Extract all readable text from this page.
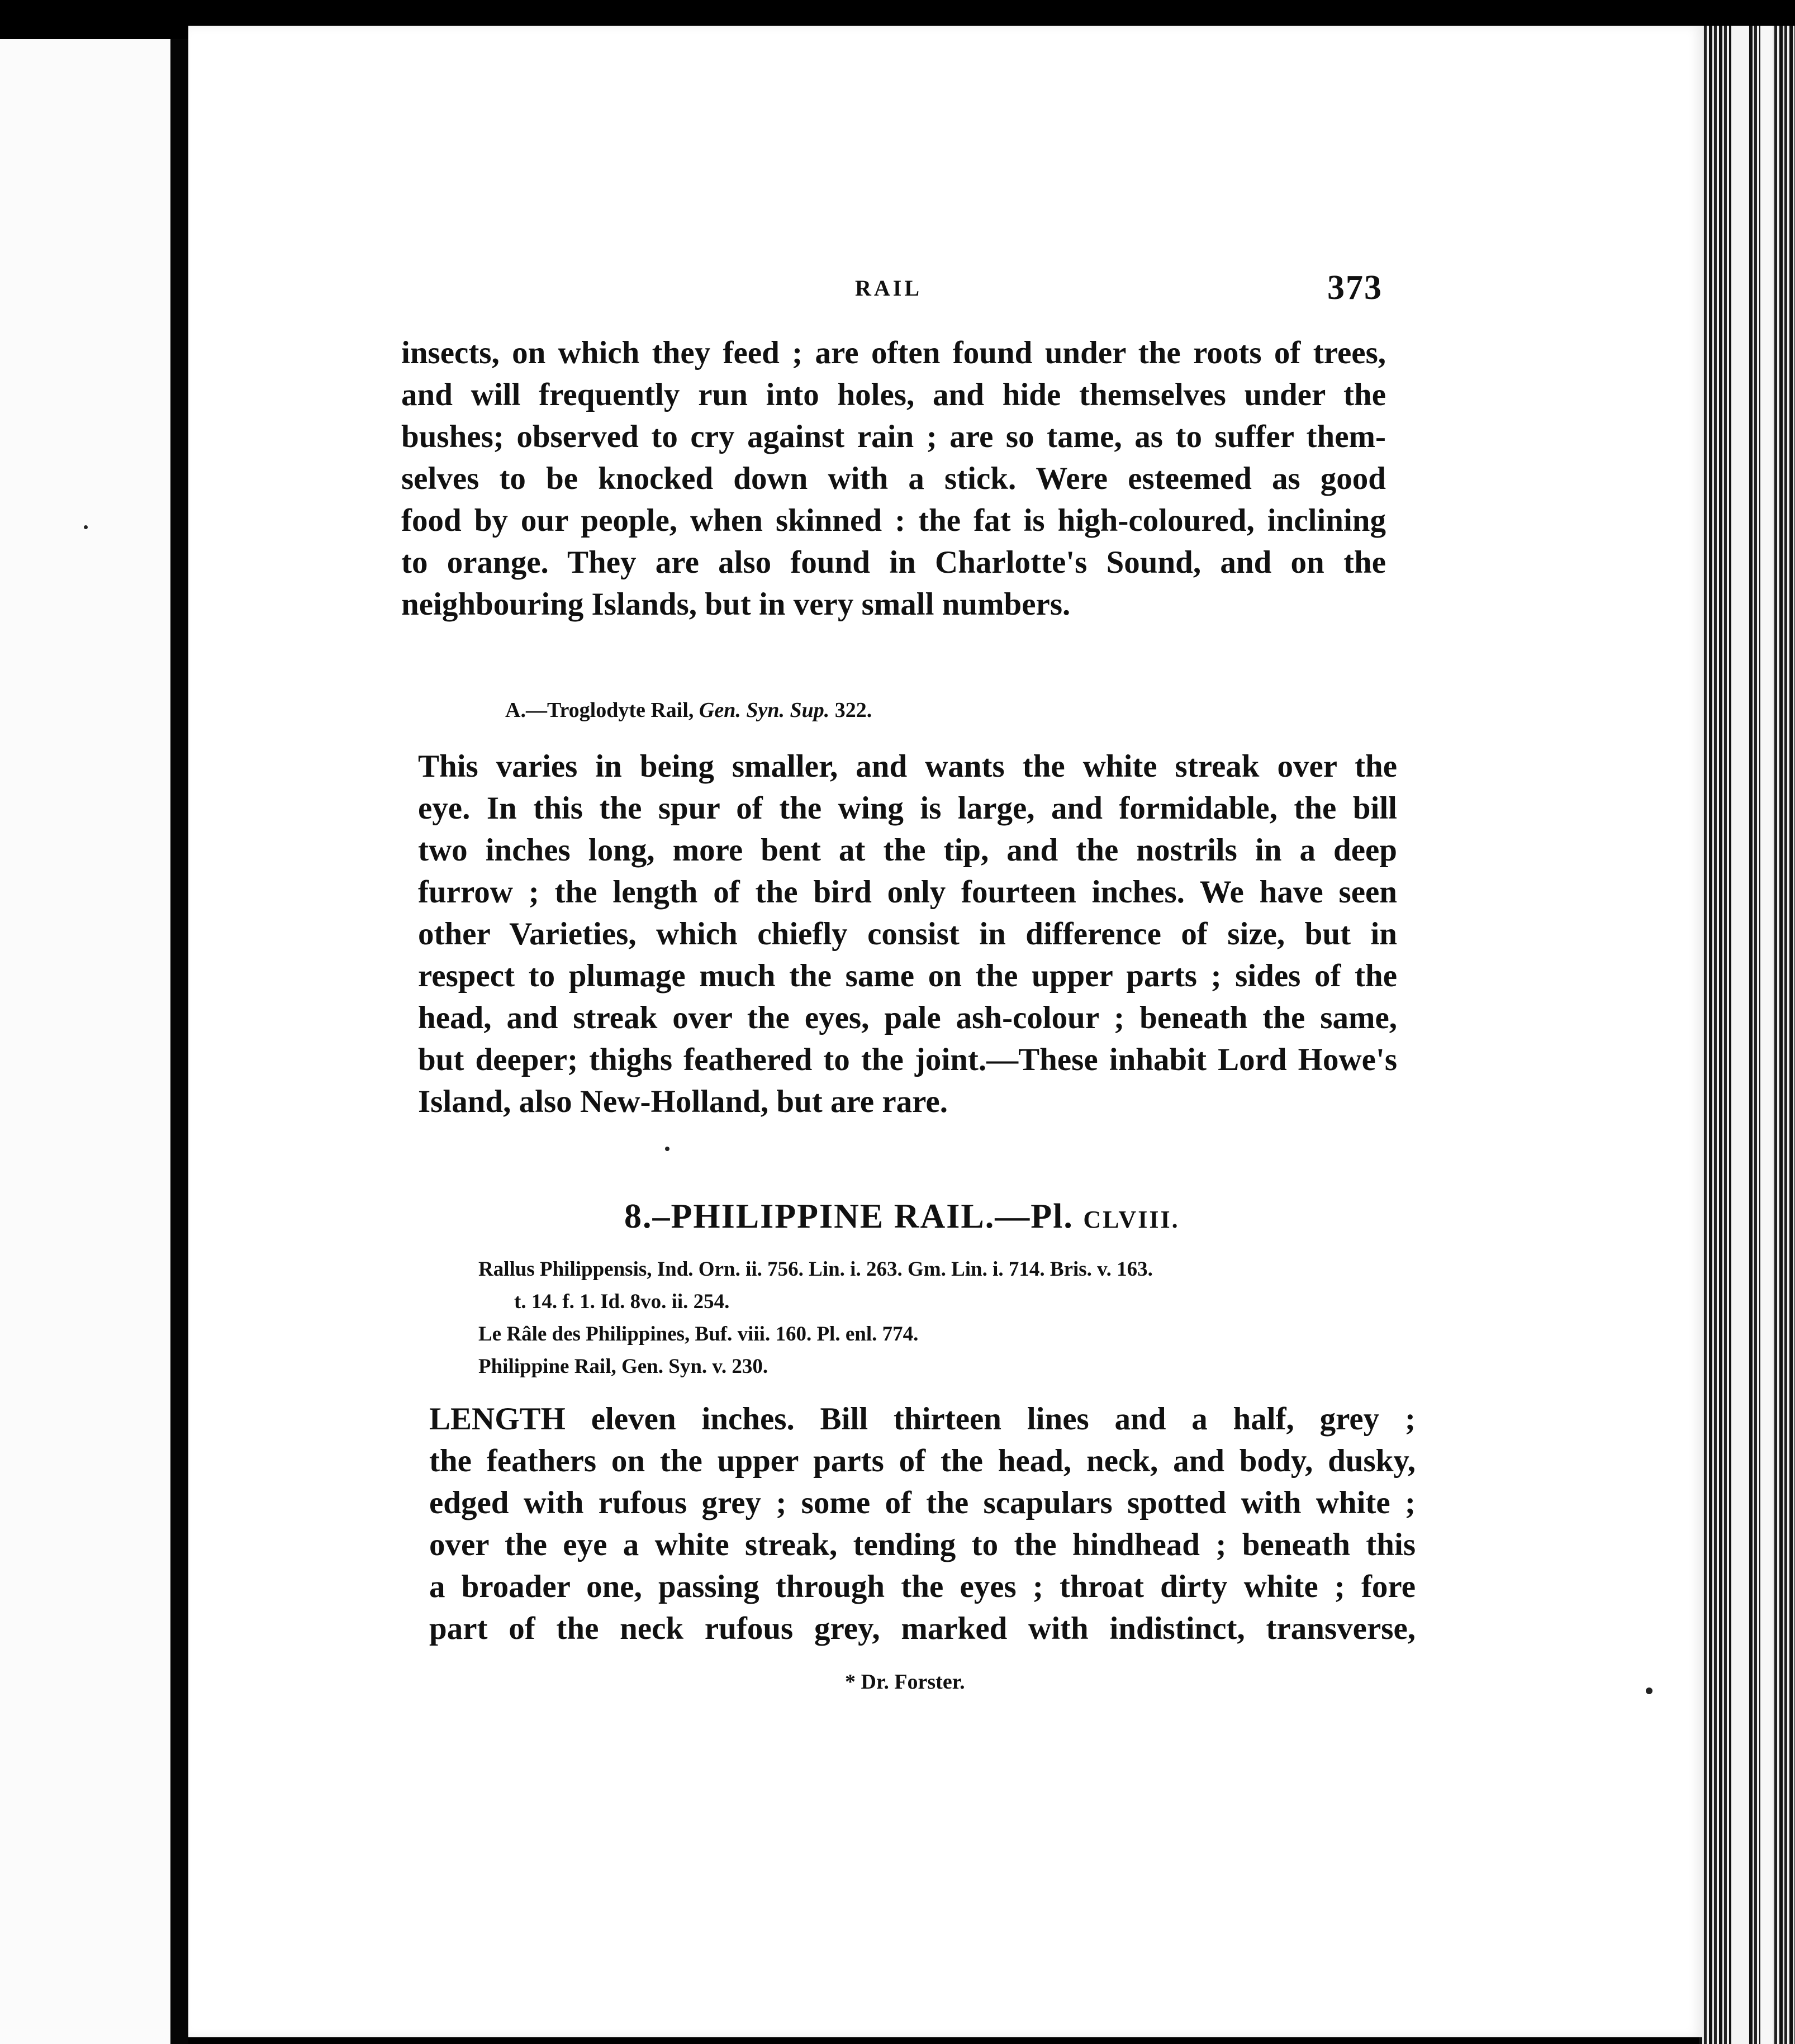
RAIL	373
insects, on which they feed ; are often found under the roots of trees,
and will frequently run into holes, and hide themselves under the
bushes; observed to cry against rain ; are so tame, as to suffer them-
selves to be knocked down with a stick. Were esteemed as good
food by our people, when skinned : the fat is high-coloured, inclining
to orange. They are also found in Charlotte's Sound, and on the
neighbouring Islands, but in very small numbers.
A.—Troglodyte Rail, Gen. Syn. Sup. 322.
This varies in being smaller, and wants the white streak over the
eye. In this the spur of the wing is large, and formidable, the bill
two inches long, more bent at the tip, and the nostrils in a deep
furrow ; the length of the bird only fourteen inches. We have seen
other Varieties, which chiefly consist in difference of size, but in
respect to plumage much the same on the upper parts ; sides of the
head, and streak over the eyes, pale ash-colour ; beneath the same,
but deeper; thighs feathered to the joint.—These inhabit Lord Howe's
Island, also New-Holland, but are rare.
8.–PHILIPPINE RAIL.—Pl. CLVIII.
Rallus Philippensis, Ind. Orn. ii. 756. Lin. i. 263. Gm. Lin. i. 714. Bris. v. 163.
t. 14. f. 1. Id. 8vo. ii. 254.
Le Râle des Philippines, Buf. viii. 160. Pl. enl. 774.
Philippine Rail, Gen. Syn. v. 230.
LENGTH eleven inches. Bill thirteen lines and a half, grey ;
the feathers on the upper parts of the head, neck, and body, dusky,
edged with rufous grey ; some of the scapulars spotted with white ;
over the eye a white streak, tending to the hindhead ; beneath this
a broader one, passing through the eyes ; throat dirty white ; fore
part of the neck rufous grey, marked with indistinct, transverse,
* Dr. Forster.
